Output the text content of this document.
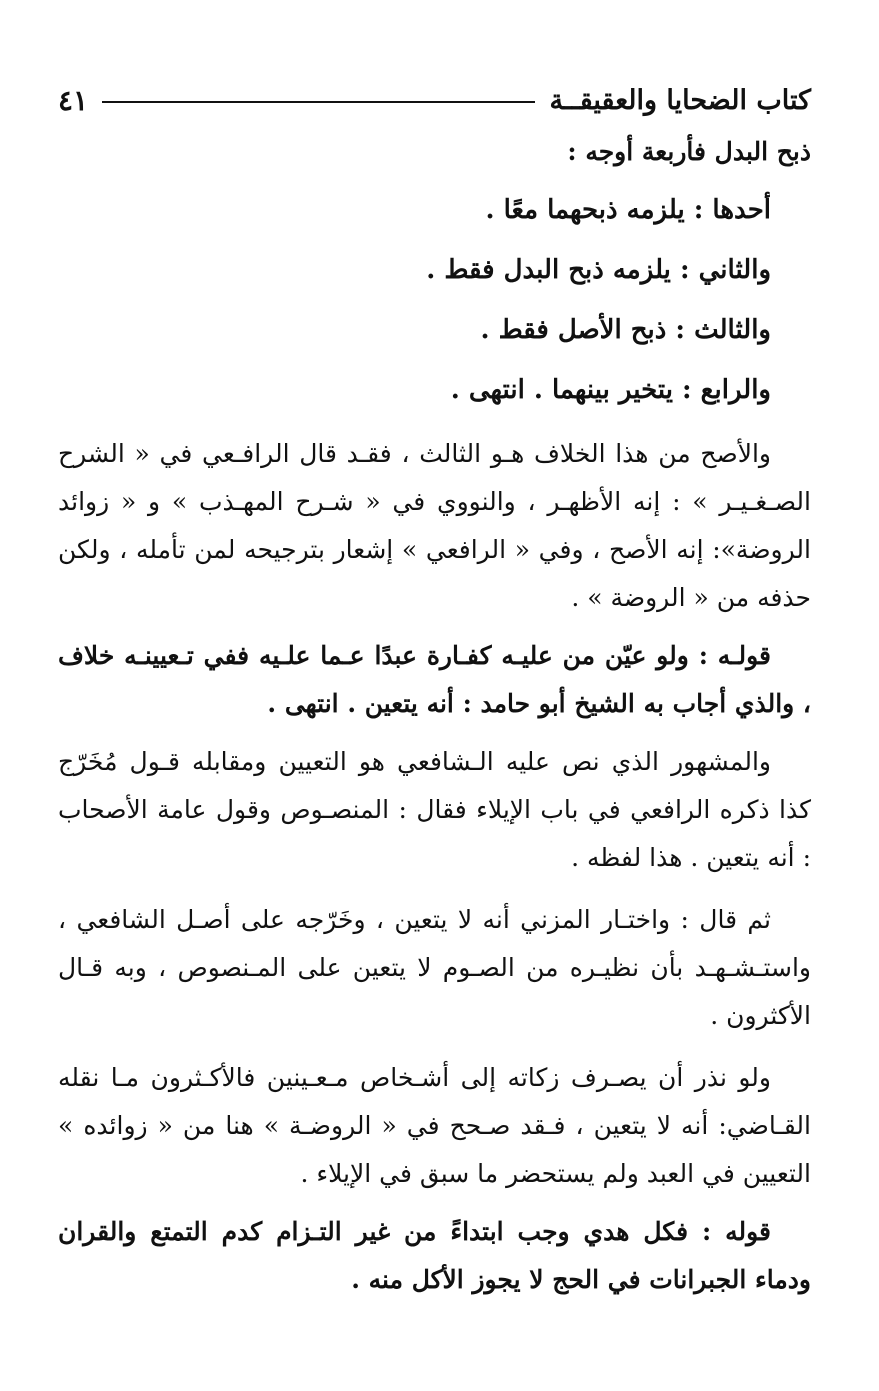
كتاب الضحايا والعقيقــة
٤١

ذبح البدل فأربعة أوجه :

أحدها : يلزمه ذبحهما معًا .

والثاني : يلزمه ذبح البدل فقط .

والثالث : ذبح الأصل فقط .

والرابع : يتخير بينهما . انتهى .

والأصح من هذا الخلاف هـو الثالث ، فقـد قال الرافـعي في « الشرح الصـغـيـر » : إنه الأظهـر ، والنووي في « شـرح المهـذب » و « زوائد الروضة»: إنه الأصح ، وفي « الرافعي » إشعار بترجيحه لمن تأمله ، ولكن حذفه من « الروضة » .

قولـه : ولو عيّن من عليـه كفـارة عبدًا عـما علـيه ففي تـعيينـه خلاف ، والذي أجاب به الشيخ أبو حامد : أنه يتعين . انتهى .

والمشهور الذي نص عليه الـشافعي هو التعيين ومقابله قـول مُخَرّج كذا ذكره الرافعي في باب الإيلاء فقال : المنصـوص وقول عامة الأصحاب : أنه يتعين . هذا لفظه .

ثم قال : واختـار المزني أنه لا يتعين ، وخَرّجه على أصـل الشافعي ، واستـشـهـد بأن نظيـره من الصـوم لا يتعين على المـنصوص ، وبه قـال الأكثرون .

ولو نذر أن يصـرف زكاته إلى أشـخاص مـعـينين فالأكـثرون مـا نقله القـاضي: أنه لا يتعين ، فـقد صـحح في « الروضـة » هنا من « زوائده » التعيين في العبد ولم يستحضر ما سبق في الإيلاء .

قوله : فكل هدي وجب ابتداءً من غير التـزام كدم التمتع والقران ودماء الجبرانات في الحج لا يجوز الأكل منه .
